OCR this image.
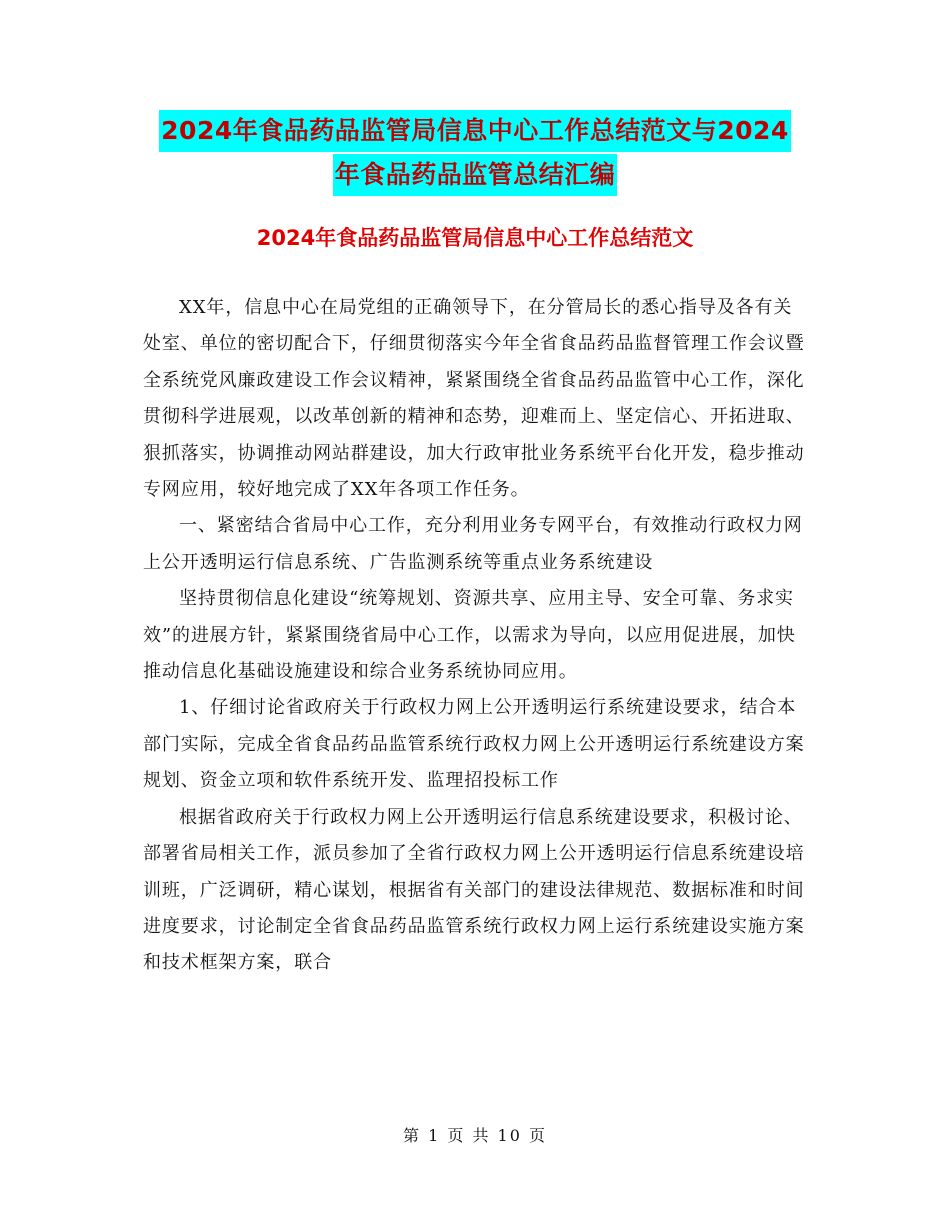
2024年食品药品监管局信息中心工作总结范文与2024
年食品药品监管总结汇编
2024年食品药品监管局信息中心工作总结范文

XX年，信息中心在局党组的正确领导下，在分管局长的悉心指导及各有关处室、单位的密切配合下，仔细贯彻落实今年全省食品药品监督管理工作会议暨全系统党风廉政建设工作会议精神，紧紧围绕全省食品药品监管中心工作，深化贯彻科学进展观，以改革创新的精神和态势，迎难而上、坚定信心、开拓进取、狠抓落实，协调推动网站群建设，加大行政审批业务系统平台化开发，稳步推动专网应用，较好地完成了XX年各项工作任务。

一、紧密结合省局中心工作，充分利用业务专网平台，有效推动行政权力网上公开透明运行信息系统、广告监测系统等重点业务系统建设

坚持贯彻信息化建设“统筹规划、资源共享、应用主导、安全可靠、务求实效”的进展方针，紧紧围绕省局中心工作，以需求为导向，以应用促进展，加快推动信息化基础设施建设和综合业务系统协同应用。

1、仔细讨论省政府关于行政权力网上公开透明运行系统建设要求，结合本部门实际，完成全省食品药品监管系统行政权力网上公开透明运行系统建设方案规划、资金立项和软件系统开发、监理招投标工作

根据省政府关于行政权力网上公开透明运行信息系统建设要求，积极讨论、部署省局相关工作，派员参加了全省行政权力网上公开透明运行信息系统建设培训班，广泛调研，精心谋划，根据省有关部门的建设法律规范、数据标准和时间进度要求，讨论制定全省食品药品监管系统行政权力网上运行系统建设实施方案和技术框架方案，联合

第 1 页 共 10 页
